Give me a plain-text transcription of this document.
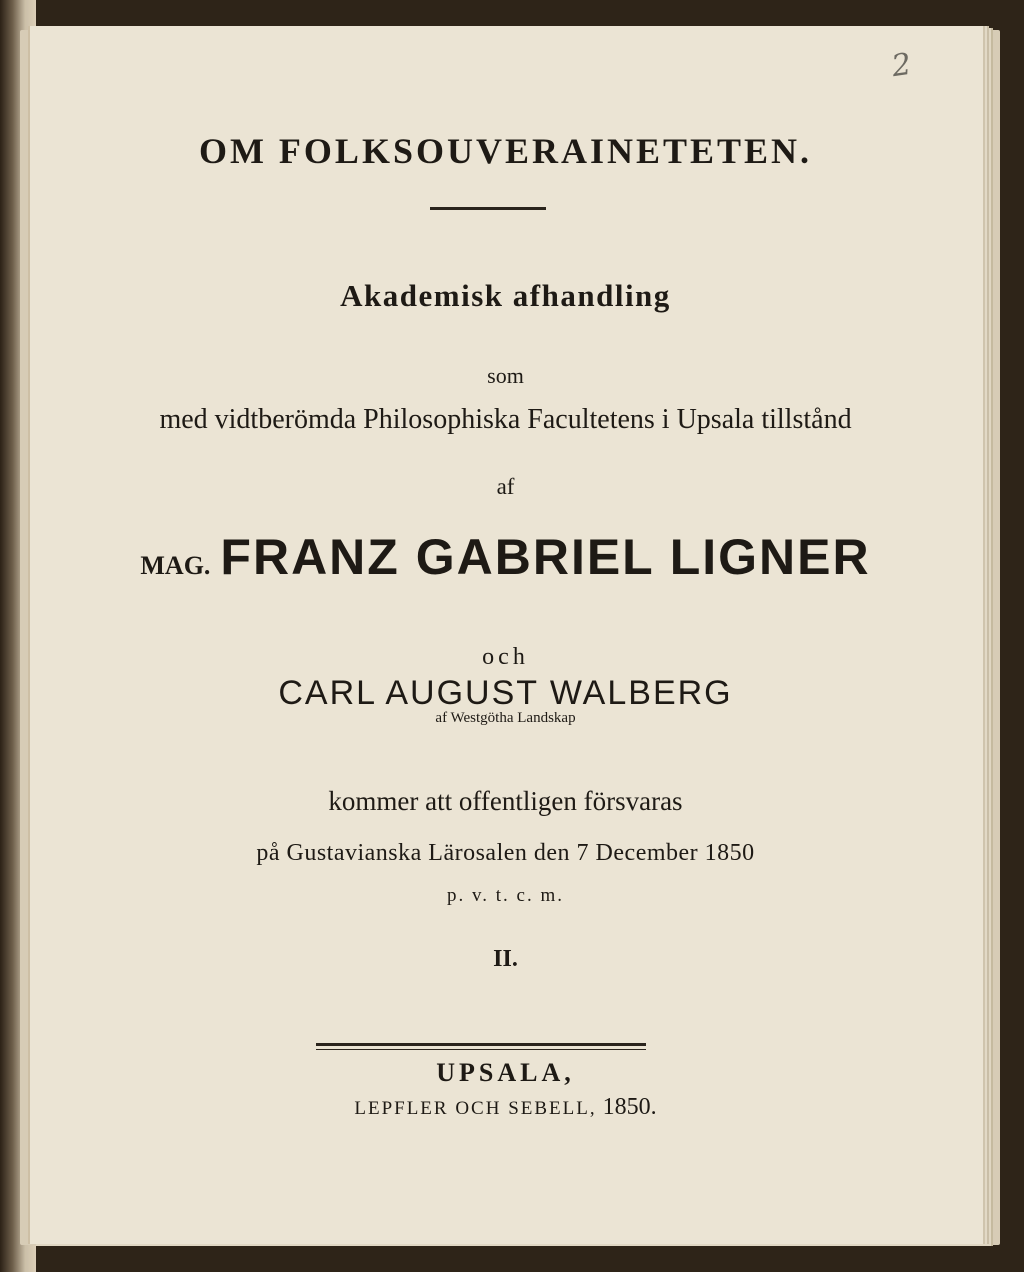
2
OM FOLKSOUVERAINETETEN.
Akademisk afhandling
som
med vidtberömda Philosophiska Facultetens i Upsala tillstånd
af
MAG. FRANZ GABRIEL LIGNER
och
CARL AUGUST WALBERG
af Westgötha Landskap
kommer att offentligen försvaras
på Gustavianska Lärosalen den 7 December 1850
p. v. t. c. m.
II.
UPSALA,
LEPFLER OCH SEBELL, 1850.
